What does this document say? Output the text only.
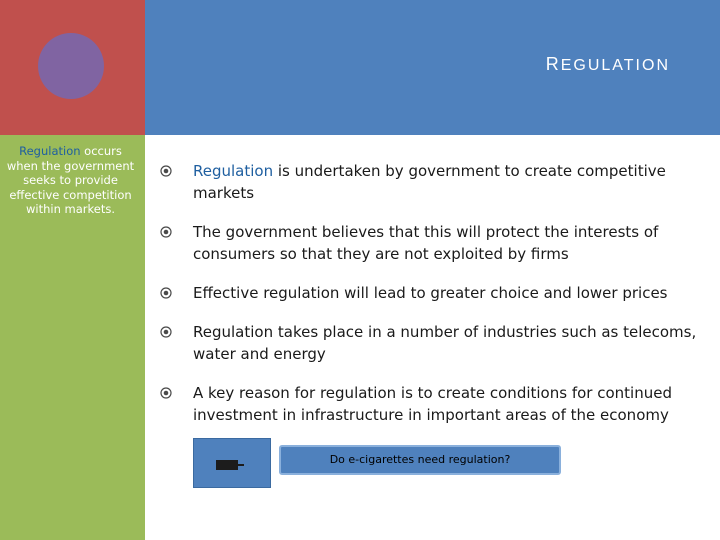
REGULATION
Regulation occurs when the government seeks to provide effective competition within markets.
Regulation is undertaken by government to create competitive markets
The government believes that this will protect the interests of consumers so that they are not exploited by firms
Effective regulation will lead to greater choice and lower prices
Regulation takes place in a number of industries such as telecoms, water and energy
A key reason for regulation is to create conditions for continued investment in infrastructure in important areas of the economy
Do e-cigarettes need regulation?
